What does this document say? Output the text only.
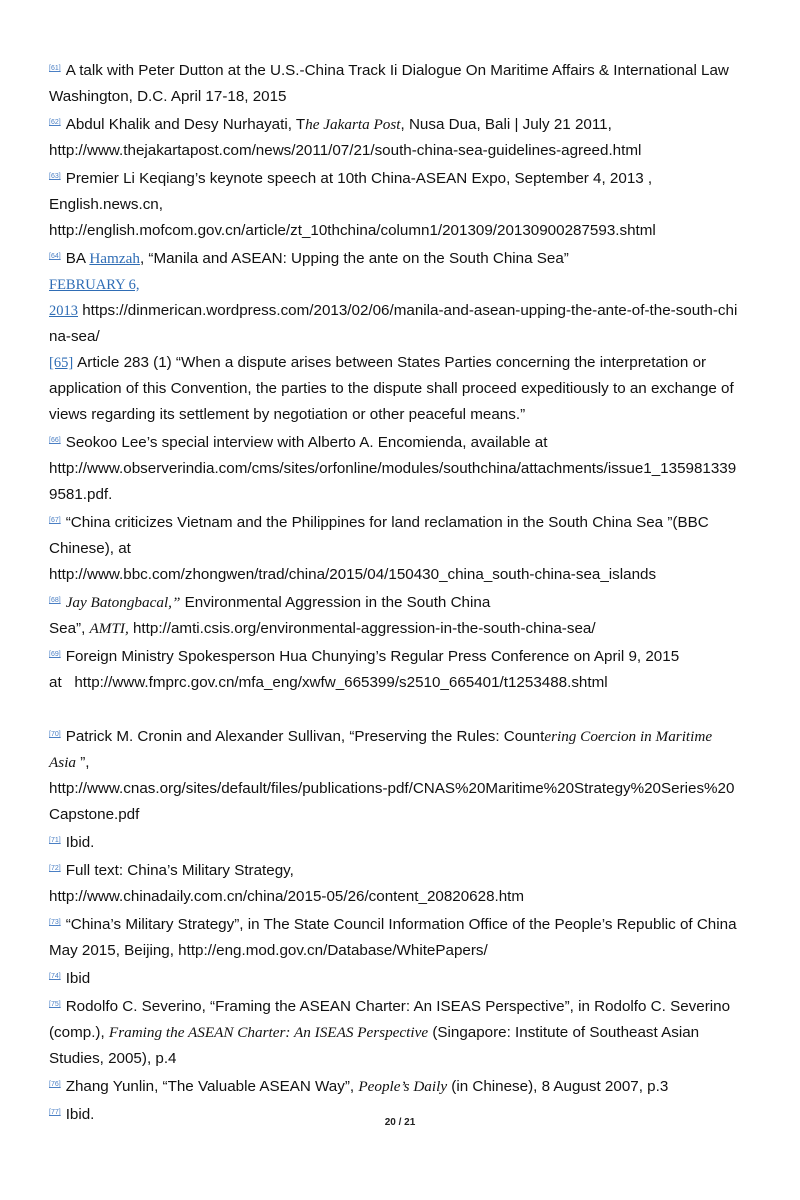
[61] A talk with Peter Dutton at the U.S.-China Track Ii Dialogue On Maritime Affairs & International Law
Washington, D.C. April 17-18, 2015
[62] Abdul Khalik and Desy Nurhayati, The Jakarta Post, Nusa Dua, Bali | July 21 2011,
http://www.thejakartapost.com/news/2011/07/21/south-china-sea-guidelines-agreed.html
[63] Premier Li Keqiang’s keynote speech at 10th China-ASEAN Expo, September 4, 2013 ,
English.news.cn,
http://english.mofcom.gov.cn/article/zt_10thchina/column1/201309/20130900287593.shtml
[64] BA Hamzah, “Manila and ASEAN: Upping the ante on the South China Sea”
FEBRUARY 6,
2013 https://dinmerican.wordpress.com/2013/02/06/manila-and-asean-upping-the-ante-of-the-south-chi
na-sea/
[65] Article 283 (1) “When a dispute arises between States Parties concerning the interpretation or
application of this Convention, the parties to the dispute shall proceed expeditiously to an exchange of
views regarding its settlement by negotiation or other peaceful means.”
[66] Seokoo Lee’s special interview with Alberto A. Encomienda, available at
http://www.observerindia.com/cms/sites/orfonline/modules/southchina/attachments/issue1_135981339
9581.pdf.
[67] “China criticizes Vietnam and the Philippines for land reclamation in the South China Sea ”(BBC
Chinese), at
http://www.bbc.com/zhongwen/trad/china/2015/04/150430_china_south-china-sea_islands
[68] Jay Batongbacal,” Environmental Aggression in the South China
Sea”, AMTI, http://amti.csis.org/environmental-aggression-in-the-south-china-sea/
[69] Foreign Ministry Spokesperson Hua Chunying’s Regular Press Conference on April 9, 2015
at   http://www.fmprc.gov.cn/mfa_eng/xwfw_665399/s2510_665401/t1253488.shtml
[70] Patrick M. Cronin and Alexander Sullivan, “Preserving the Rules: Countering Coercion in Maritime
Asia ”,
http://www.cnas.org/sites/default/files/publications-pdf/CNAS%20Maritime%20Strategy%20Series%20
Capstone.pdf
[71] Ibid.
[72] Full text: China’s Military Strategy,
http://www.chinadaily.com.cn/china/2015-05/26/content_20820628.htm
[73] “China’s Military Strategy”, in The State Council Information Office of the People’s Republic of China
May 2015, Beijing, http://eng.mod.gov.cn/Database/WhitePapers/
[74] Ibid
[75] Rodolfo C. Severino, “Framing the ASEAN Charter: An ISEAS Perspective”, in Rodolfo C. Severino
(comp.), Framing the ASEAN Charter: An ISEAS Perspective (Singapore: Institute of Southeast Asian
Studies, 2005), p.4
[76] Zhang Yunlin, “The Valuable ASEAN Way”, People’s Daily (in Chinese), 8 August 2007, p.3
[77] Ibid.	20 / 21
